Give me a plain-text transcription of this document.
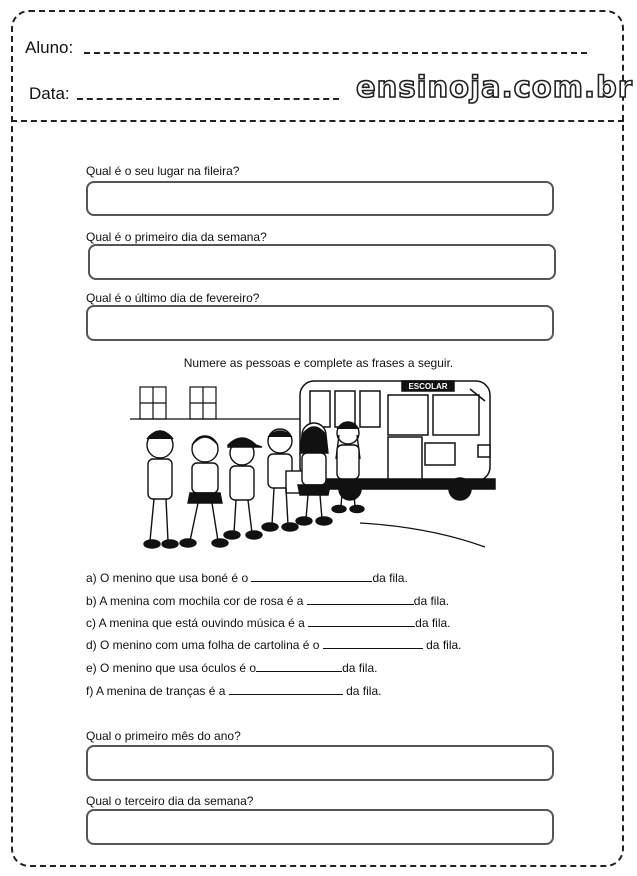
Aluno:
Data:	ensinoja.com.br
Qual é o seu lugar na fileira?
Qual é o primeiro dia da semana?
Qual é o último dia de fevereiro?
Numere as pessoas e complete as frases a seguir.
ESCOLAR
a) O menino que usa boné é o	da fila.
b) A menina com mochila cor de rosa é a	da fila.
c) A menina que está ouvindo música é a	da fila.
d) O menino com uma folha de cartolina é o	da fila.
e) O menino que usa óculos é o	da fila.
f) A menina de tranças é a	da fila.
Qual o primeiro mês do ano?
Qual o terceiro dia da semana?
